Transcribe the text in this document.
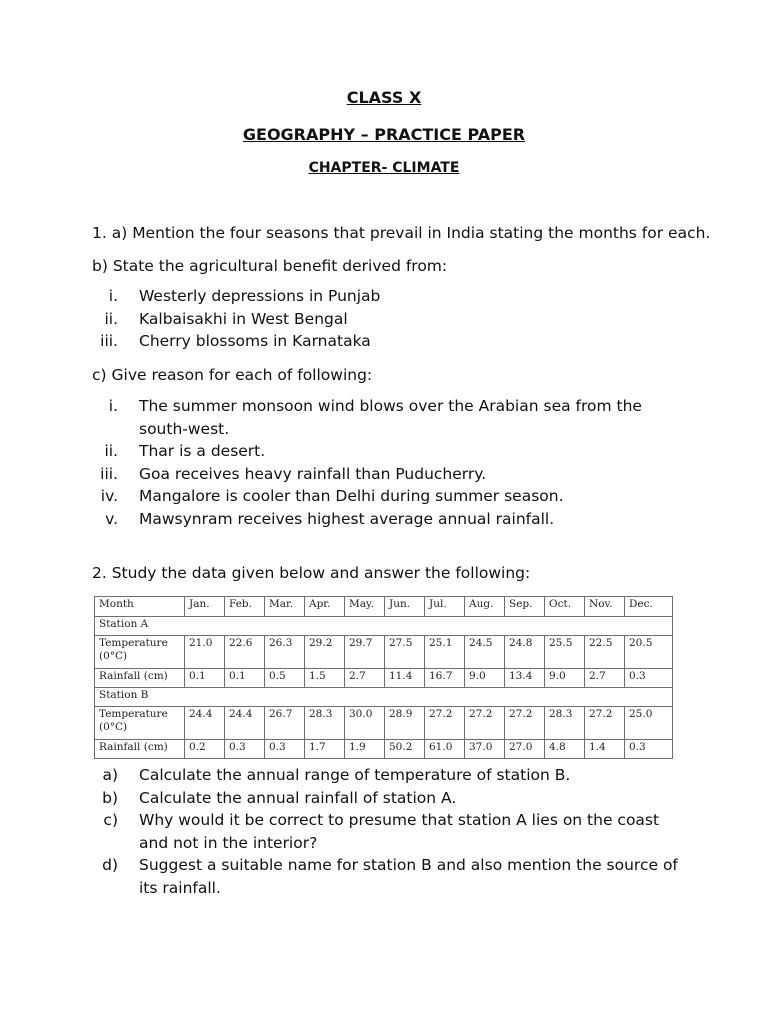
CLASS X
GEOGRAPHY – PRACTICE PAPER
CHAPTER- CLIMATE
1. a) Mention the four seasons that prevail in India stating the months for each.
b) State the agricultural benefit derived from:
i. Westerly depressions in Punjab
ii. Kalbaisakhi in West Bengal
iii. Cherry blossoms in Karnataka
c) Give reason for each of following:
i. The summer monsoon wind blows over the Arabian sea from the south-west.
ii. Thar is a desert.
iii. Goa receives heavy rainfall than Puducherry.
iv. Mangalore is cooler than Delhi during summer season.
v. Mawsynram receives highest average annual rainfall.
2. Study the data given below and answer the following:
Month	Jan.	Feb.	Mar.	Apr.	May.	Jun.	Jul.	Aug.	Sep.	Oct.	Nov.	Dec.
Station A												
Temperature (0°C)	21.0	22.6	26.3	29.2	29.7	27.5	25.1	24.5	24.8	25.5	22.5	20.5
Rainfall (cm)	0.1	0.1	0.5	1.5	2.7	11.4	16.7	9.0	13.4	9.0	2.7	0.3
Station B												
Temperature (0°C)	24.4	24.4	26.7	28.3	30.0	28.9	27.2	27.2	27.2	28.3	27.2	25.0
Rainfall (cm)	0.2	0.3	0.3	1.7	1.9	50.2	61.0	37.0	27.0	4.8	1.4	0.3
a) Calculate the annual range of temperature of station B.
b) Calculate the annual rainfall of station A.
c) Why would it be correct to presume that station A lies on the coast and not in the interior?
d) Suggest a suitable name for station B and also mention the source of its rainfall.
